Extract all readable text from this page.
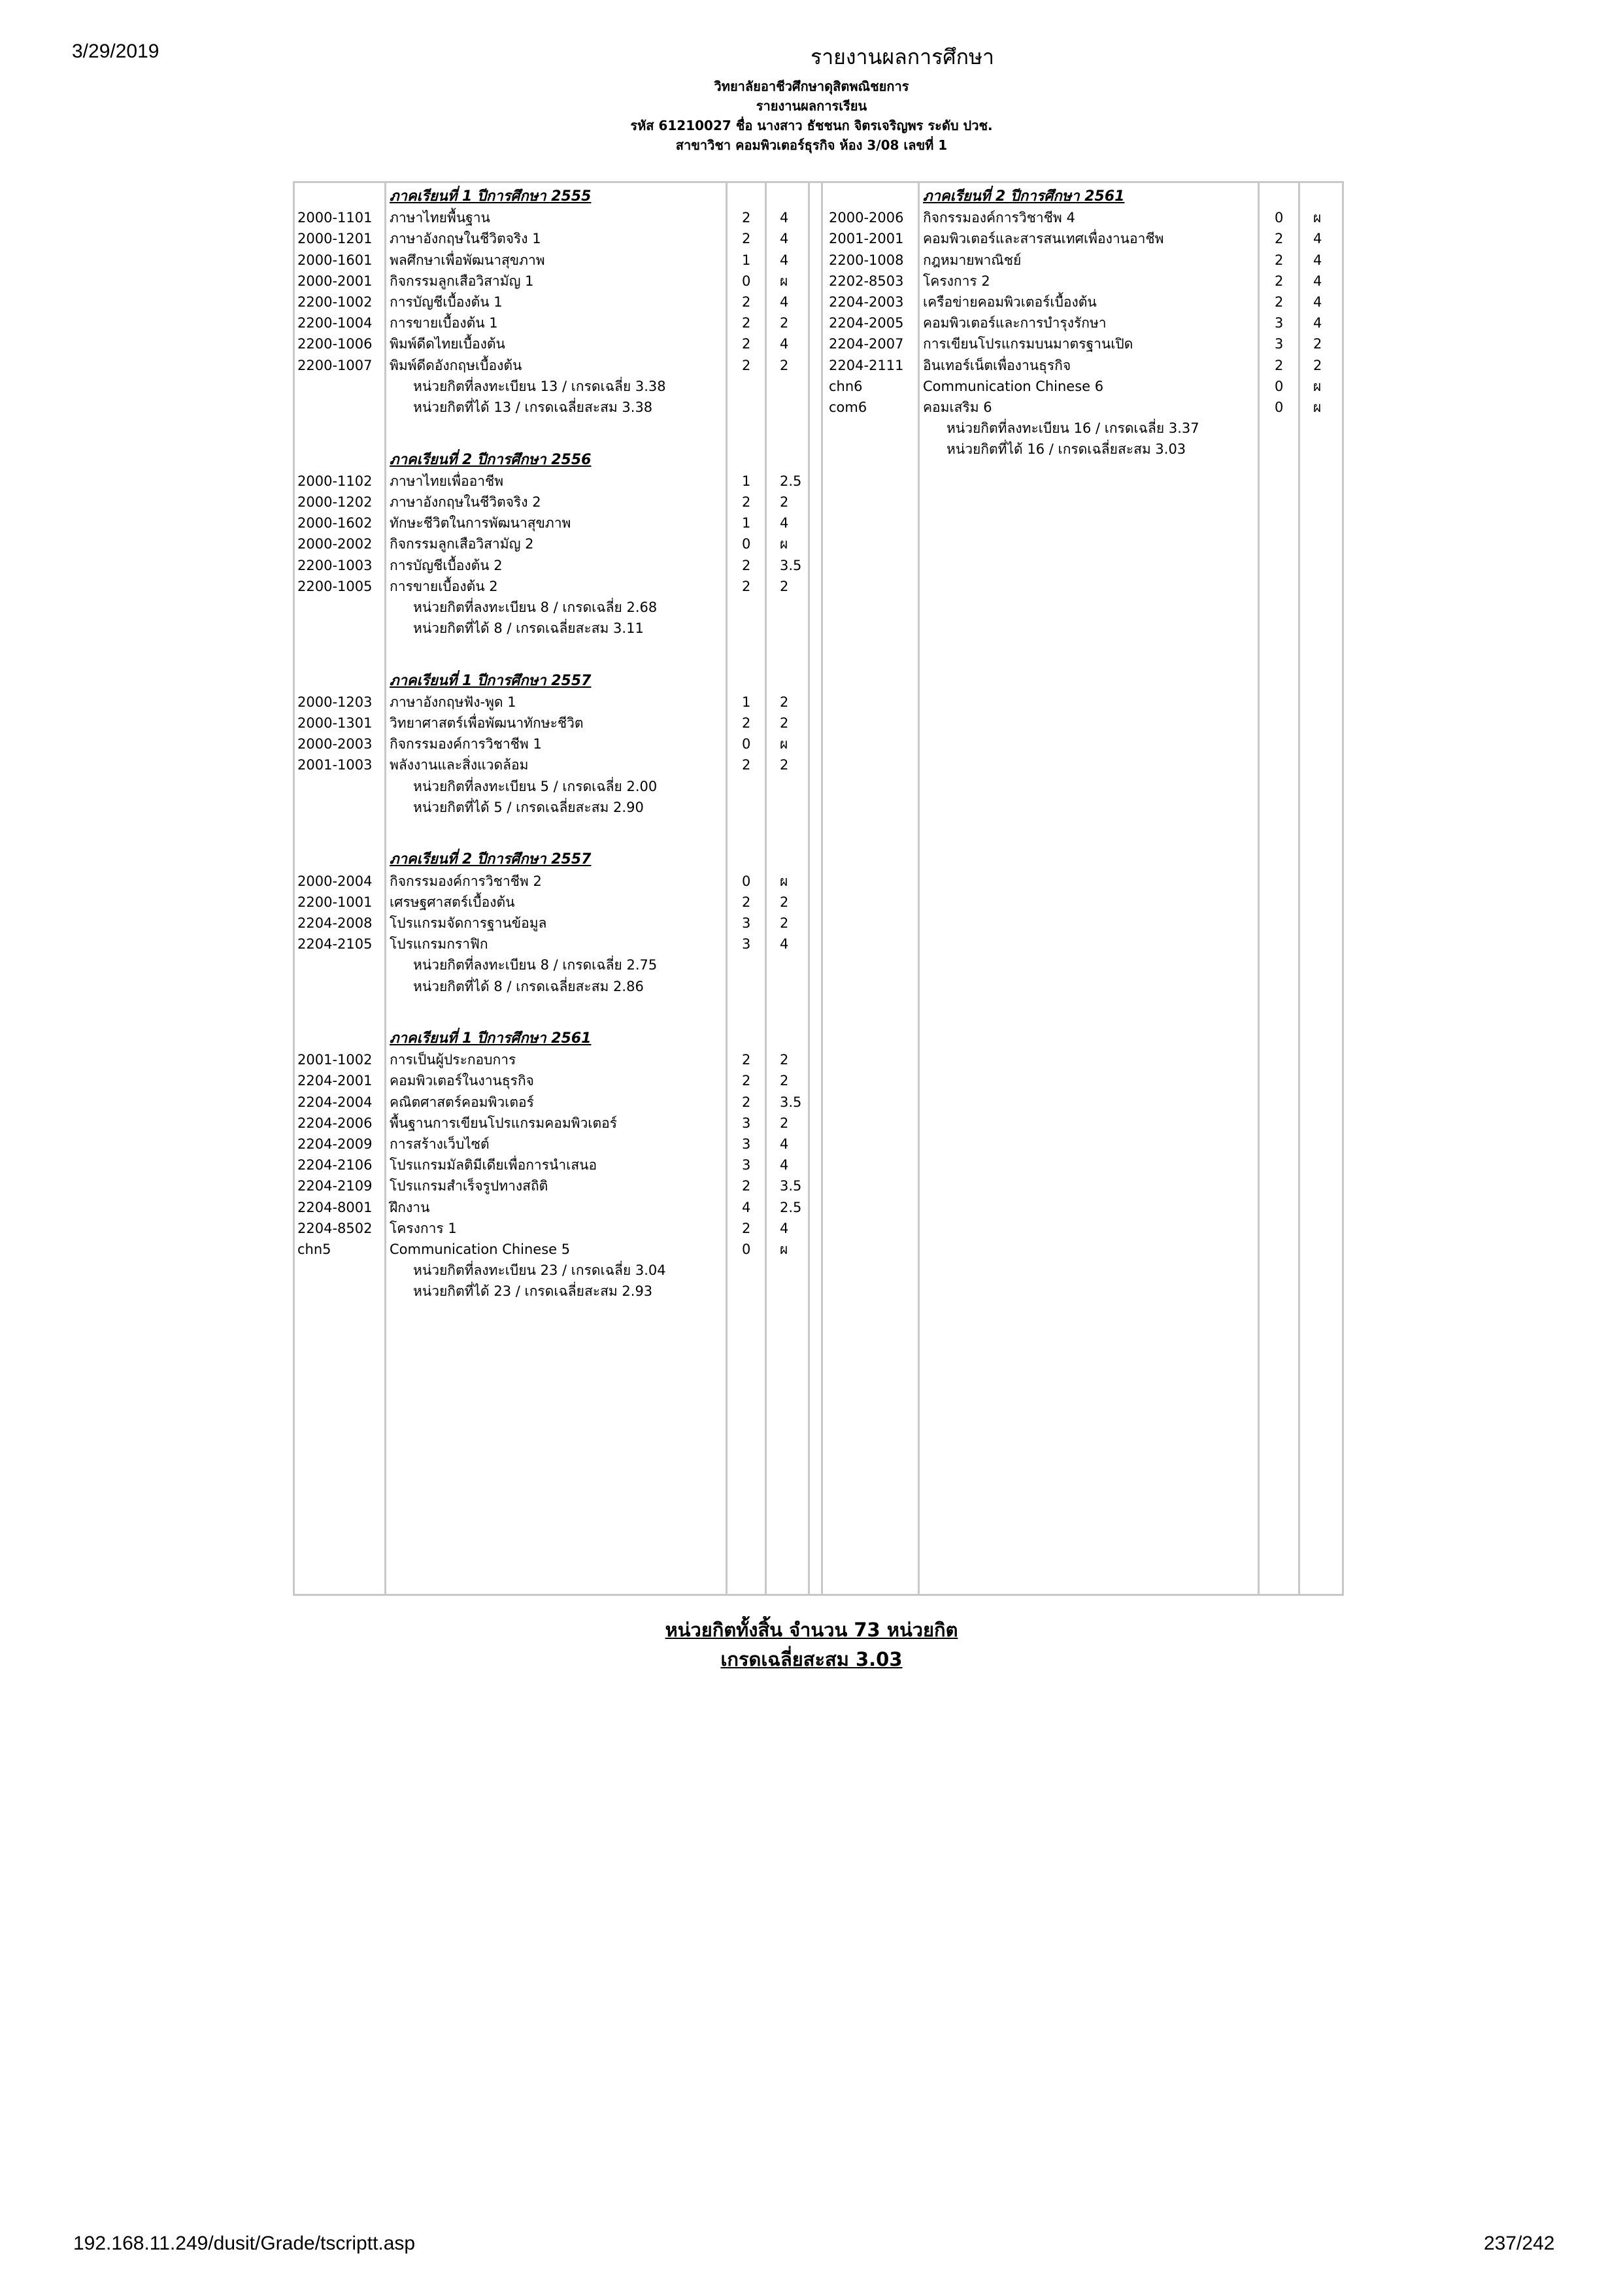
3/29/2019	รายงานผลการศึกษา
วิทยาลัยอาชีวศึกษาดุสิตพณิชยการ
รายงานผลการเรียน
รหัส 61210027 ชื่อ นางสาว ธัชชนก จิตรเจริญพร ระดับ ปวช.
สาขาวิชา คอมพิวเตอร์ธุรกิจ ห้อง 3/08 เลขที่ 1
ภาคเรียนที่ 1 ปีการศึกษา 2555
2000-1101 ภาษาไทยพื้นฐาน	2 4
2000-1201 ภาษาอังกฤษในชีวิตจริง 1	2 4
2000-1601 พลศึกษาเพื่อพัฒนาสุขภาพ	1 4
2000-2001 กิจกรรมลูกเสือวิสามัญ 1	0 ผ
2200-1002 การบัญชีเบื้องต้น 1	2 4
2200-1004 การขายเบื้องต้น 1	2 2
2200-1006 พิมพ์ดีดไทยเบื้องต้น	2 4
2200-1007 พิมพ์ดีดอังกฤษเบื้องต้น	2 2
หน่วยกิตที่ลงทะเบียน 13 / เกรดเฉลี่ย 3.38
หน่วยกิตที่ได้ 13 / เกรดเฉลี่ยสะสม 3.38
ภาคเรียนที่ 2 ปีการศึกษา 2556
2000-1102 ภาษาไทยเพื่ออาชีพ	1 2.5
2000-1202 ภาษาอังกฤษในชีวิตจริง 2	2 2
2000-1602 ทักษะชีวิตในการพัฒนาสุขภาพ	1 4
2000-2002 กิจกรรมลูกเสือวิสามัญ 2	0 ผ
2200-1003 การบัญชีเบื้องต้น 2	2 3.5
2200-1005 การขายเบื้องต้น 2	2 2
หน่วยกิตที่ลงทะเบียน 8 / เกรดเฉลี่ย 2.68
หน่วยกิตที่ได้ 8 / เกรดเฉลี่ยสะสม 3.11
ภาคเรียนที่ 1 ปีการศึกษา 2557
2000-1203 ภาษาอังกฤษฟัง-พูด 1	1 2
2000-1301 วิทยาศาสตร์เพื่อพัฒนาทักษะชีวิต	2 2
2000-2003 กิจกรรมองค์การวิชาชีพ 1	0 ผ
2001-1003 พลังงานและสิ่งแวดล้อม	2 2
หน่วยกิตที่ลงทะเบียน 5 / เกรดเฉลี่ย 2.00
หน่วยกิตที่ได้ 5 / เกรดเฉลี่ยสะสม 2.90
ภาคเรียนที่ 2 ปีการศึกษา 2557
2000-2004 กิจกรรมองค์การวิชาชีพ 2	0 ผ
2200-1001 เศรษฐศาสตร์เบื้องต้น	2 2
2204-2008 โปรแกรมจัดการฐานข้อมูล	3 2
2204-2105 โปรแกรมกราฟิก	3 4
หน่วยกิตที่ลงทะเบียน 8 / เกรดเฉลี่ย 2.75
หน่วยกิตที่ได้ 8 / เกรดเฉลี่ยสะสม 2.86
ภาคเรียนที่ 1 ปีการศึกษา 2561
2001-1002 การเป็นผู้ประกอบการ	2 2
2204-2001 คอมพิวเตอร์ในงานธุรกิจ	2 2
2204-2004 คณิตศาสตร์คอมพิวเตอร์	2 3.5
2204-2006 พื้นฐานการเขียนโปรแกรมคอมพิวเตอร์	3 2
2204-2009 การสร้างเว็บไซต์	3 4
2204-2106 โปรแกรมมัลติมีเดียเพื่อการนำเสนอ	3 4
2204-2109 โปรแกรมสำเร็จรูปทางสถิติ	2 3.5
2204-8001 ฝึกงาน	4 2.5
2204-8502 โครงการ 1	2 4
chn5	Communication Chinese 5	0 ผ
หน่วยกิตที่ลงทะเบียน 23 / เกรดเฉลี่ย 3.04
หน่วยกิตที่ได้ 23 / เกรดเฉลี่ยสะสม 2.93
ภาคเรียนที่ 2 ปีการศึกษา 2561
2000-2006 กิจกรรมองค์การวิชาชีพ 4	0 ผ
2001-2001 คอมพิวเตอร์และสารสนเทศเพื่องานอาชีพ	2 4
2200-1008 กฎหมายพาณิชย์	2 4
2202-8503 โครงการ 2	2 4
2204-2003 เครือข่ายคอมพิวเตอร์เบื้องต้น	2 4
2204-2005 คอมพิวเตอร์และการบำรุงรักษา	3 4
2204-2007 การเขียนโปรแกรมบนมาตรฐานเปิด	3 2
2204-2111 อินเทอร์เน็ตเพื่องานธุรกิจ	2 2
chn6	Communication Chinese 6	0 ผ
com6	คอมเสริม 6	0 ผ
หน่วยกิตที่ลงทะเบียน 16 / เกรดเฉลี่ย 3.37
หน่วยกิตที่ได้ 16 / เกรดเฉลี่ยสะสม 3.03
หน่วยกิตทั้งสิ้น จำนวน 73 หน่วยกิต
เกรดเฉลี่ยสะสม 3.03
192.168.11.249/dusit/Grade/tscriptt.asp	237/242
